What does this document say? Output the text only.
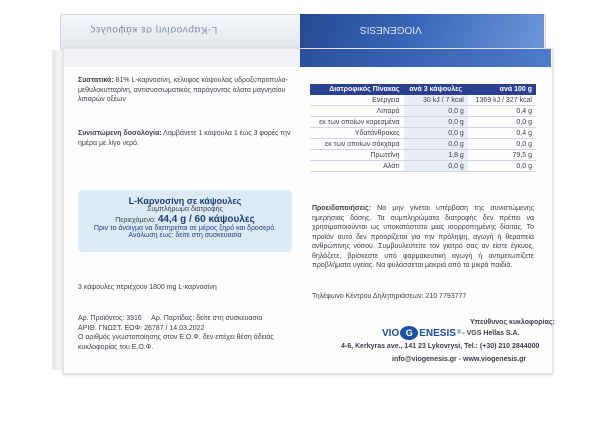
L-Καρνοσίνη σε κάψουλες	VIOGENESIS
Συστατικά: 81% L-καρνοσίνη, κέλυφος κάψουλας υδροξυπροπυλο-μεθυλοκυτταρίνη, αντισυσσωματικός παράγοντας άλατα μαγνησίου λιπαρών οξέων
Συνιστώμενη δοσολογία: Λαμβάνετε 1 κάψουλα 1 έως 3 φορές την ημέρα με λίγο νερό.
L-Καρνοσίνη σε κάψουλες
Συμπλήρωμα διατροφής
Περιεχόμενο: 44,4 g / 60 κάψουλες
Πριν το άνοιγμα να διατηρείται σε μέρος ξηρό και δροσερό.
Ανάλωση έως: δείτε στη συσκευασία
3 κάψουλες περιέχουν 1800 mg L-καρνοσίνη
Αρ. Προϊόντος: 3916 Αρ. Παρτίδας: δείτε στη συσκευασία
ΑΡΙΘ. ΓΝΩΣΤ. ΕΟΦ: 26787 / 14.03.2022
Ο αριθμός γνωστοποίησης στον Ε.Ο.Φ. δεν επέχει θέση άδειας κυκλοφορίας του Ε.Ο.Φ.
Διατροφικός Πίνακας	ανά 3 κάψουλες	ανά 100 g
Ενέργεια	30 kJ / 7 kcal	1369 kJ / 327 kcal
Λιπαρά	0,0 g	0,4 g
εκ των οποίων κορεσμένα	0,0 g	0,0 g
Υδατάνθρακες	0,0 g	0,4 g
εκ των οποίων σάκχαρα	0,0 g	0,0 g
Πρωτεΐνη	1,8 g	79,5 g
Αλάτι	0,0 g	0,0 g
Προειδοποιήσεις: Να μην γίνεται υπέρβαση της συνιστώμενης ημερήσιας δόσης. Τα συμπληρώματα διατροφής δεν πρέπει να χρησιμοποιούνται ως υποκατάστατο μιας ισορροπημένης δίαιτας. Το προϊόν αυτό δεν προορίζεται για την πρόληψη, αγωγή ή θεραπεία ανθρώπινης νόσου. Συμβουλευτείτε τον γιατρό σας αν είστε έγκυος, θηλάζετε, βρίσκεστε υπό φαρμακευτική αγωγή ή αντιμετωπίζετε προβλήματα υγείας. Να φυλάσσεται μακριά από τα μικρά παιδιά.
Τηλέφωνο Κέντρου Δηλητηριάσεων: 210 7793777
Υπεύθυνος κυκλοφορίας:
VIO G ENESIS ® - VGS Hellas S.A.
4-6, Kerkyras ave., 141 23 Lykovrysi, Tel.: (+30) 210 2844000
info@viogenesis.gr - www.viogenesis.gr
